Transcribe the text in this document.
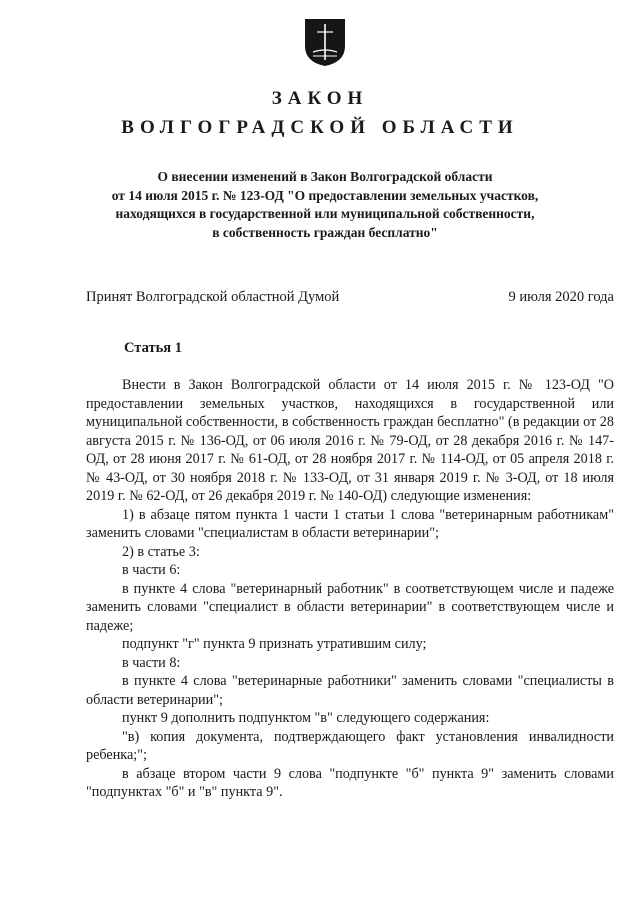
ЗАКОН
ВОЛГОГРАДСКОЙ ОБЛАСТИ
О внесении изменений в Закон Волгоградской области
от 14 июля 2015 г. № 123-ОД "О предоставлении земельных участков,
находящихся в государственной или муниципальной собственности,
в собственность граждан бесплатно"
Принят Волгоградской областной Думой	9 июля 2020 года
Статья 1

Внести в Закон Волгоградской области от 14 июля 2015 г. № 123-ОД "О предоставлении земельных участков, находящихся в государственной или муниципальной собственности, в собственность граждан бесплатно" (в редакции от 28 августа 2015 г. № 136-ОД, от 06 июля 2016 г. № 79-ОД, от 28 декабря 2016 г. № 147-ОД, от 28 июня 2017 г. № 61-ОД, от 28 ноября 2017 г. № 114-ОД, от 05 апреля 2018 г. № 43-ОД, от 30 ноября 2018 г. № 133-ОД, от 31 января 2019 г. № 3-ОД, от 18 июля 2019 г. № 62-ОД, от 26 декабря 2019 г. № 140-ОД) следующие изменения:

1) в абзаце пятом пункта 1 части 1 статьи 1 слова "ветеринарным работникам" заменить словами "специалистам в области ветеринарии";

2) в статье 3:

в части 6:

в пункте 4 слова "ветеринарный работник" в соответствующем числе и падеже заменить словами "специалист в области ветеринарии" в соответствующем числе и падеже;

подпункт "г" пункта 9 признать утратившим силу;

в части 8:

в пункте 4 слова "ветеринарные работники" заменить словами "специалисты в области ветеринарии";

пункт 9 дополнить подпунктом "в" следующего содержания:

"в) копия документа, подтверждающего факт установления инвалидности ребенка;";

в абзаце втором части 9 слова "подпункте "б" пункта 9" заменить словами "подпунктах "б" и "в" пункта 9".
